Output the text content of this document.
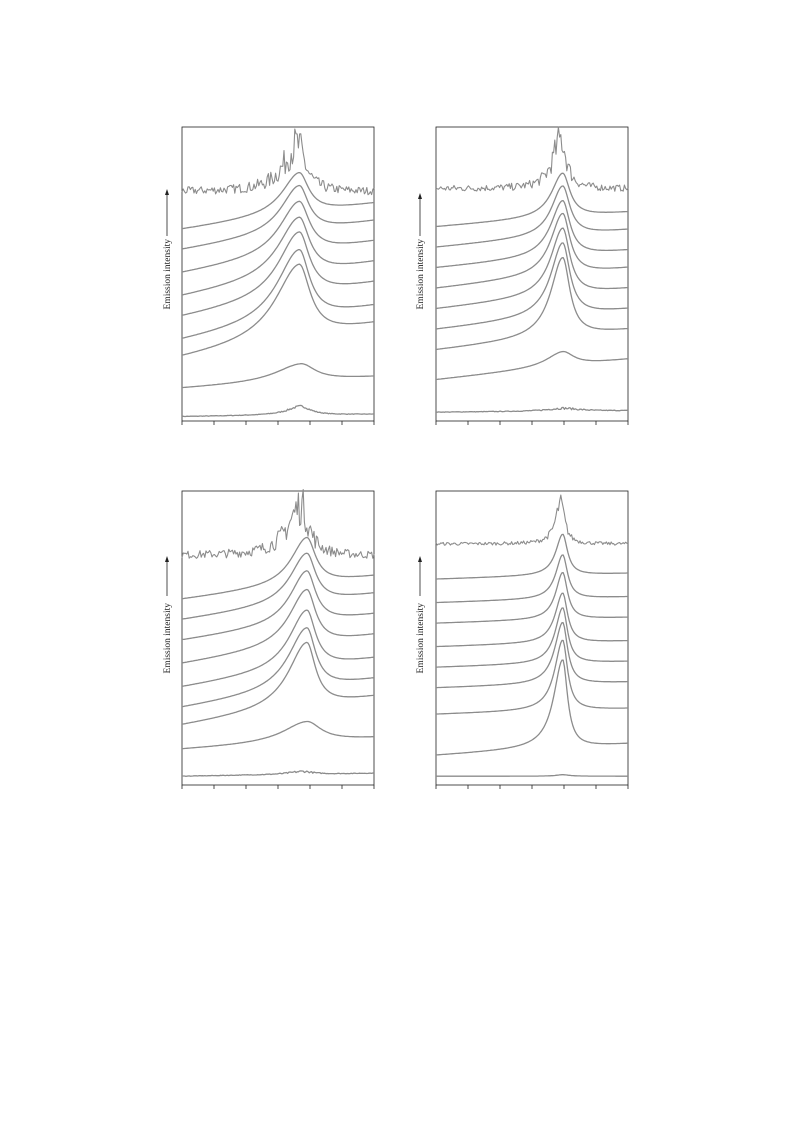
Emission intensity	Emission intensity
Emission intensity	Emission intensity
